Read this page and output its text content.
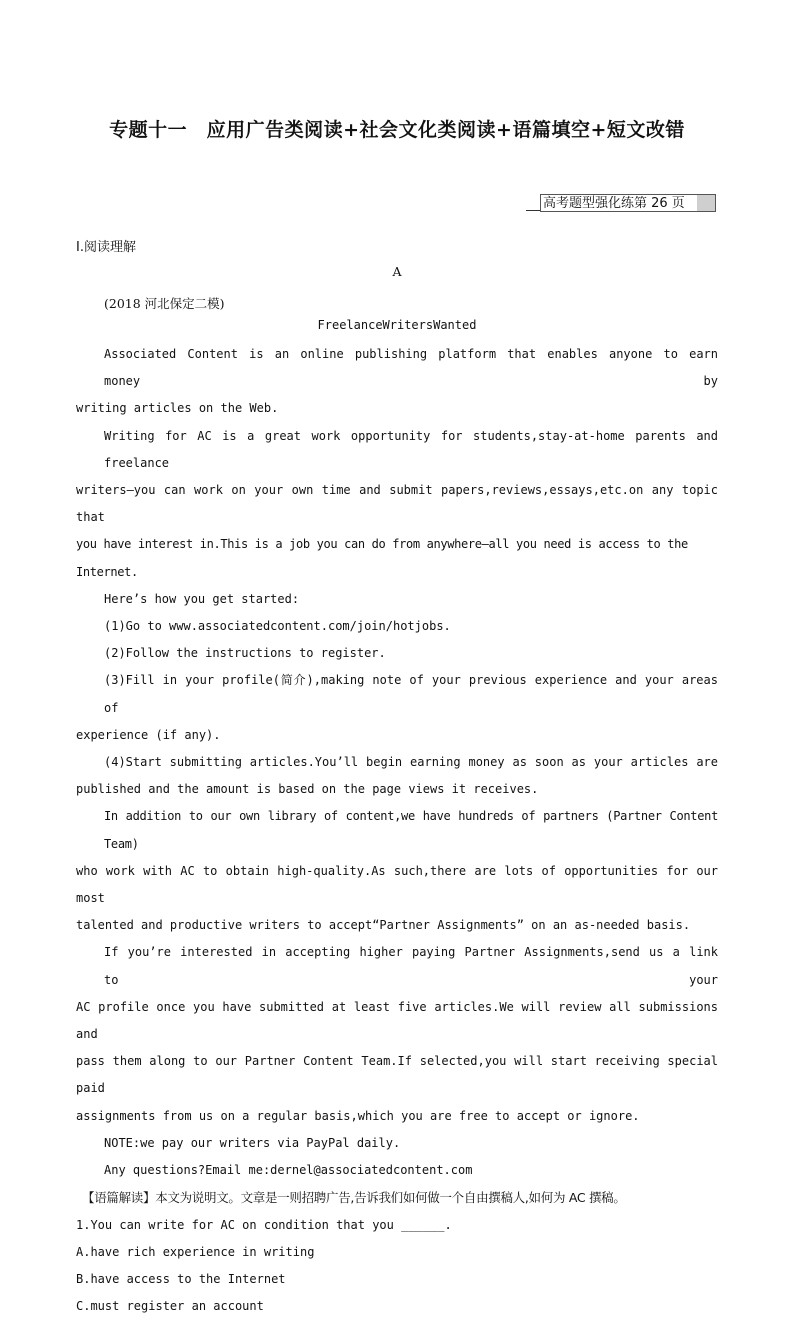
专题十一　应用广告类阅读+社会文化类阅读+语篇填空+短文改错
高考题型强化练第 26 页
Ⅰ.阅读理解
A
(2018 河北保定二模)
FreelanceWritersWanted
Associated Content is an online publishing platform that enables anyone to earn money by
writing articles on the Web.
Writing for AC is a great work opportunity for students,stay-at-home parents and freelance
writers—you can work on your own time and submit papers,reviews,essays,etc.on any topic that
you have interest in.This is a job you can do from anywhere—all you need is access to the Internet.
Here’s how you get started:
(1)Go to www.associatedcontent.com/join/hotjobs.
(2)Follow the instructions to register.
(3)Fill in your profile(简介),making note of your previous experience and your areas of
experience (if any).
(4)Start submitting articles.You’ll begin earning money as soon as your articles are
published and the amount is based on the page views it receives.
In addition to our own library of content,we have hundreds of partners (Partner Content Team)
who work with AC to obtain high-quality.As such,there are lots of opportunities for our most
talented and productive writers to accept“Partner Assignments” on an as-needed basis.
If you’re interested in accepting higher paying Partner Assignments,send us a link to your
AC profile once you have submitted at least five articles.We will review all submissions and
pass them along to our Partner Content Team.If selected,you will start receiving special paid
assignments from us on a regular basis,which you are free to accept or ignore.
NOTE:we pay our writers via PayPal daily.
Any questions?Email me:dernel@associatedcontent.com
【语篇解读】本文为说明文。文章是一则招聘广告,告诉我们如何做一个自由撰稿人,如何为 AC 撰稿。
1.You can write for AC on condition that you ______.
A.have rich experience in writing
B.have access to the Internet
C.must register an account
